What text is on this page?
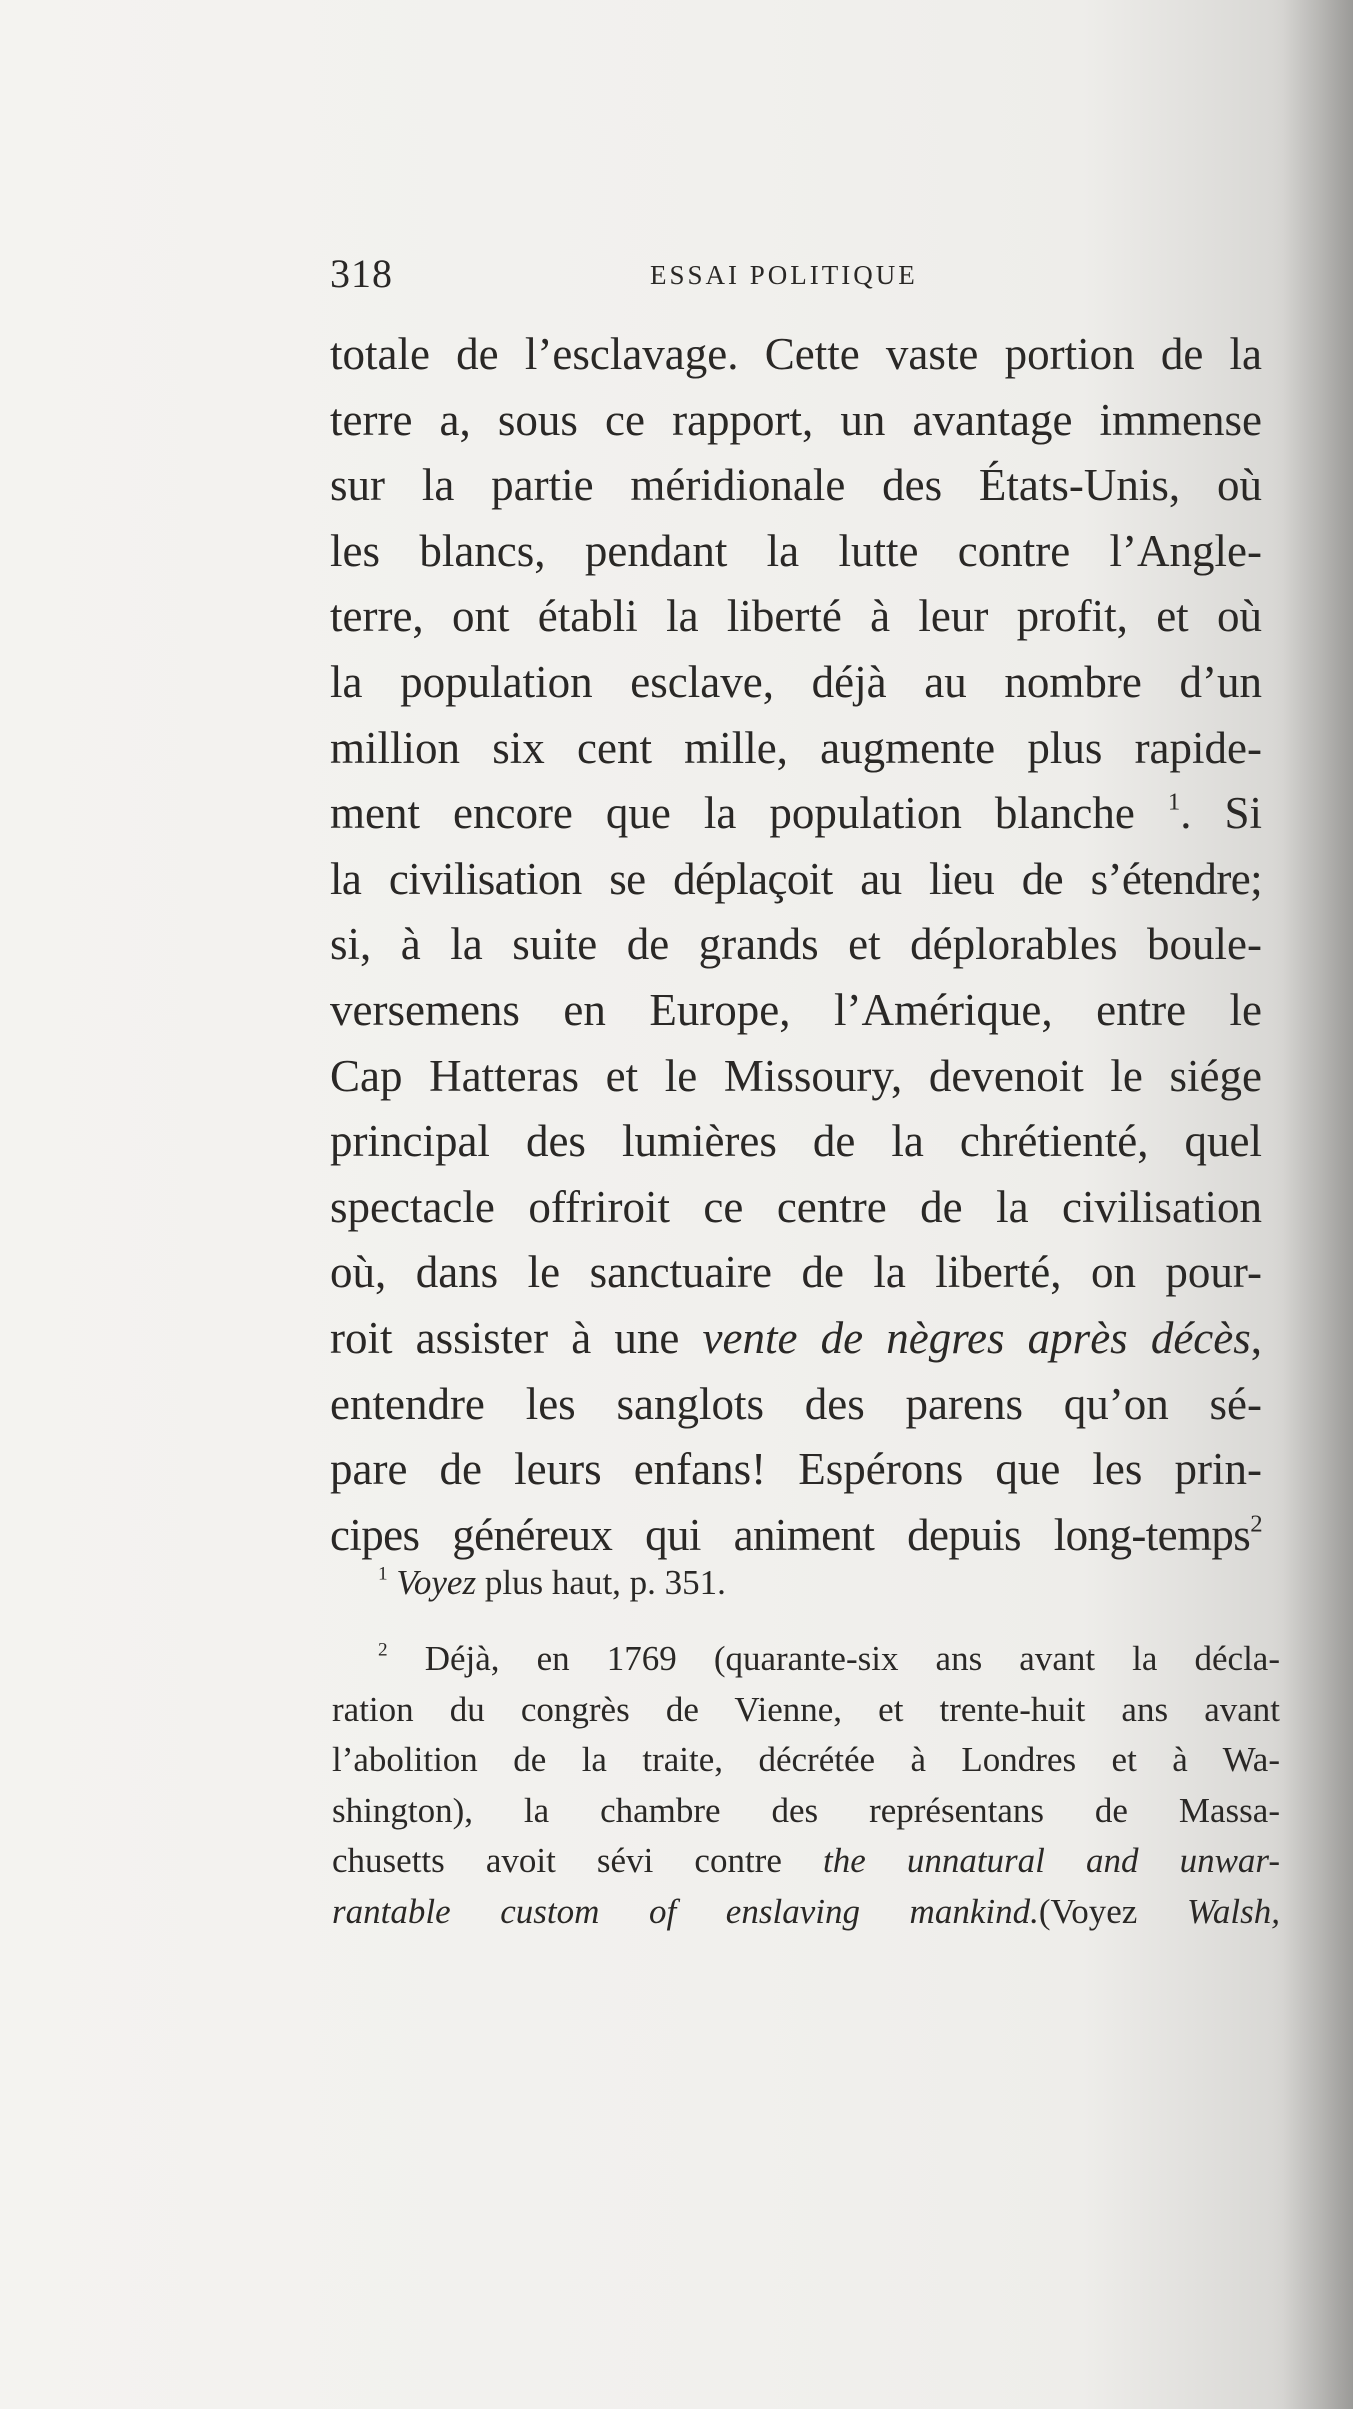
318	ESSAI POLITIQUE
totale de l’esclavage. Cette vaste portion de la
terre a, sous ce rapport, un avantage immense
sur la partie méridionale des États-Unis, où
les blancs, pendant la lutte contre l’Angle-
terre, ont établi la liberté à leur profit, et où
la population esclave, déjà au nombre d’un
million six cent mille, augmente plus rapide-
ment encore que la population blanche $^1$. Si
la civilisation se déplaçoit au lieu de s’étendre;
si, à la suite de grands et déplorables boule-
versemens en Europe, l’Amérique, entre le
Cap Hatteras et le Missoury, devenoit le siége
principal des lumières de la chrétienté, quel
spectacle offriroit ce centre de la civilisation
où, dans le sanctuaire de la liberté, on pour-
roit assister à une vente de nègres après décès,
entendre les sanglots des parens qu’on sé-
pare de leurs enfans! Espérons que les prin-
cipes généreux qui animent depuis long-temps$^2$
$^1$ Voyez plus haut, p. 351.
$^2$ Déjà, en 1769 (quarante-six ans avant la décla-
ration du congrès de Vienne, et trente-huit ans avant
l’abolition de la traite, décrétée à Londres et à Wa-
shington), la chambre des représentans de Massa-
chusetts avoit sévi contre the unnatural and unwar-
rantable custom of enslaving mankind.(Voyez Walsh,
